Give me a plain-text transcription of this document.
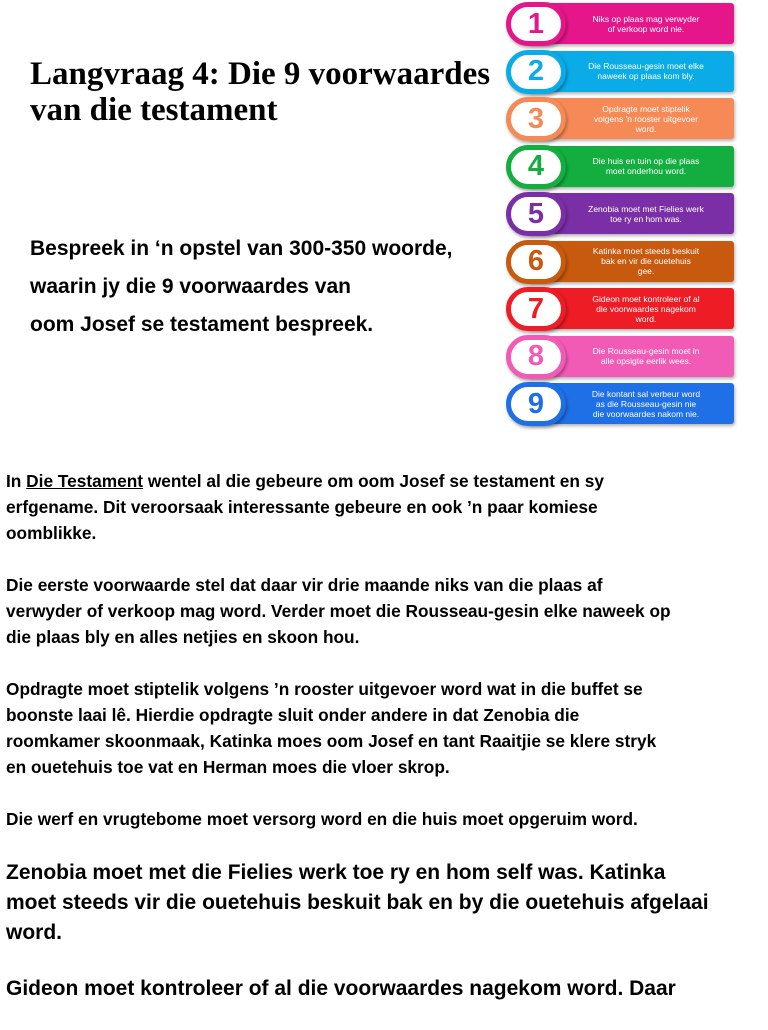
Langvraag 4: Die 9 voorwaardes
van die testament

Bespreek in ‘n opstel van 300-350 woorde,
waarin jy die 9 voorwaardes van
oom Josef se testament bespreek.

Niks op plaas mag verwyder
of verkoop word nie.
1
Die Rousseau-gesin moet elke
naweek op plaas kom bly.
2
Opdragte moet stiptelik
volgens 'n rooster uitgevoer
word.
3
Die huis en tuin op die plaas
moet onderhou word.
4
Zenobia moet met Fielies werk
toe ry en hom was.
5
Katinka moet steeds beskuit
bak en vir die ouetehuis
gee.
6
Gideon moet kontroleer of al
die voorwaardes nagekom
word.
7
Die Rousseau-gesin moet in
alle opsigte eerlik wees.
8
Die kontant sal verbeur word
as die Rousseau-gesin nie
die voorwaardes nakom nie.
9

In Die Testament wentel al die gebeure om oom Josef se testament en sy
erfgename. Dit veroorsaak interessante gebeure en ook ’n paar komiese
oomblikke.

Die eerste voorwaarde stel dat daar vir drie maande niks van die plaas af
verwyder of verkoop mag word. Verder moet die Rousseau-gesin elke naweek op
die plaas bly en alles netjies en skoon hou.

Opdragte moet stiptelik volgens ’n rooster uitgevoer word wat in die buffet se
boonste laai lê. Hierdie opdragte sluit onder andere in dat Zenobia die
roomkamer skoonmaak, Katinka moes oom Josef en tant Raaitjie se klere stryk
en ouetehuis toe vat en Herman moes die vloer skrop.

Die werf en vrugtebome moet versorg word en die huis moet opgeruim word.

Zenobia moet met die Fielies werk toe ry en hom self was. Katinka
moet steeds vir die ouetehuis beskuit bak en by die ouetehuis afgelaai
word.

Gideon moet kontroleer of al die voorwaardes nagekom word. Daar
